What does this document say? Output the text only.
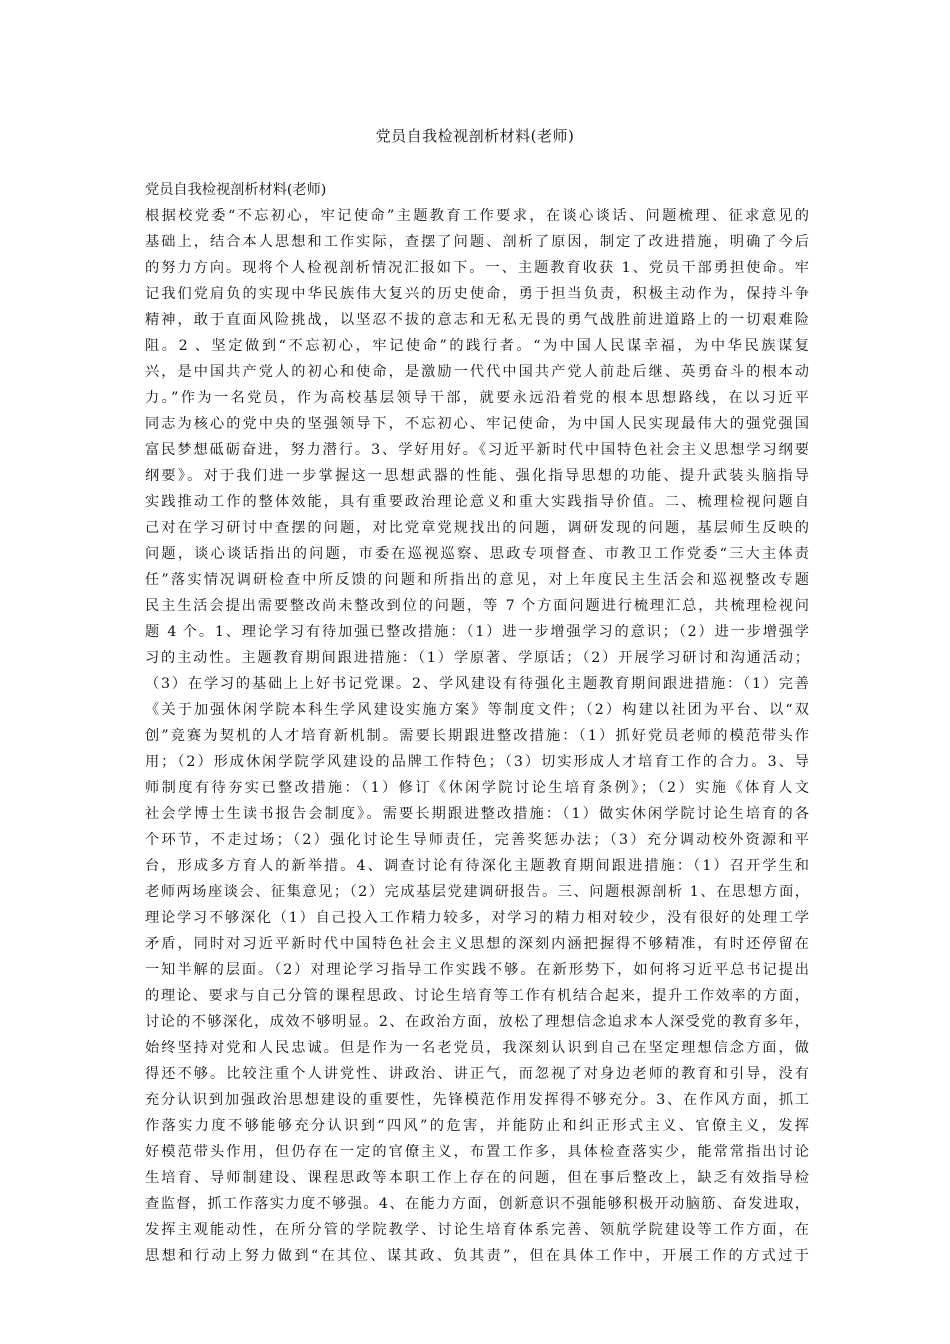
党员自我检视剖析材料(老师)
党员自我检视剖析材料(老师)
根据校党委“不忘初心，牢记使命”主题教育工作要求，在谈心谈话、问题梳理、征求意见的
基础上，结合本人思想和工作实际，查摆了问题、剖析了原因，制定了改进措施，明确了今后
的努力方向。现将个人检视剖析情况汇报如下。一、主题教育收获 1、党员干部勇担使命。牢
记我们党肩负的实现中华民族伟大复兴的历史使命，勇于担当负责，积极主动作为，保持斗争
精神，敢于直面风险挑战，以坚忍不拔的意志和无私无畏的勇气战胜前进道路上的一切艰难险
阻。2 、坚定做到“不忘初心，牢记使命”的践行者。“为中国人民谋幸福，为中华民族谋复
兴，是中国共产党人的初心和使命，是激励一代代中国共产党人前赴后继、英勇奋斗的根本动
力。”作为一名党员，作为高校基层领导干部，就要永远沿着党的根本思想路线，在以习近平
同志为核心的党中央的坚强领导下，不忘初心、牢记使命，为中国人民实现最伟大的强党强国
富民梦想砥砺奋进，努力潜行。3、学好用好。《习近平新时代中国特色社会主义思想学习纲要
纲要》。对于我们进一步掌握这一思想武器的性能、强化指导思想的功能、提升武装头脑指导
实践推动工作的整体效能，具有重要政治理论意义和重大实践指导价值。二、梳理检视问题自
己对在学习研讨中查摆的问题，对比党章党规找出的问题，调研发现的问题，基层师生反映的
问题，谈心谈话指出的问题，市委在巡视巡察、思政专项督查、市教卫工作党委“三大主体责
任”落实情况调研检查中所反馈的问题和所指出的意见，对上年度民主生活会和巡视整改专题
民主生活会提出需要整改尚未整改到位的问题，等 7 个方面问题进行梳理汇总，共梳理检视问
题 4 个。1、理论学习有待加强已整改措施：（1）进一步增强学习的意识；（2）进一步增强学
习的主动性。主题教育期间跟进措施：（1）学原著、学原话；（2）开展学习研讨和沟通活动；
（3）在学习的基础上上好书记党课。2、学风建设有待强化主题教育期间跟进措施：（1）完善
《关于加强休闲学院本科生学风建设实施方案》等制度文件；（2）构建以社团为平台、以“双
创”竞赛为契机的人才培育新机制。需要长期跟进整改措施：（1）抓好党员老师的模范带头作
用；（2）形成休闲学院学风建设的品牌工作特色；（3）切实形成人才培育工作的合力。3、导
师制度有待夯实已整改措施：（1）修订《休闲学院讨论生培育条例》；（2）实施《体育人文
社会学博士生读书报告会制度》。需要长期跟进整改措施：（1）做实休闲学院讨论生培育的各
个环节，不走过场；（2）强化讨论生导师责任，完善奖惩办法；（3）充分调动校外资源和平
台，形成多方育人的新举措。4、调查讨论有待深化主题教育期间跟进措施：（1）召开学生和
老师两场座谈会、征集意见；（2）完成基层党建调研报告。三、问题根源剖析 1、在思想方面，
理论学习不够深化（1）自己投入工作精力较多，对学习的精力相对较少，没有很好的处理工学
矛盾，同时对习近平新时代中国特色社会主义思想的深刻内涵把握得不够精准，有时还停留在
一知半解的层面。（2）对理论学习指导工作实践不够。在新形势下，如何将习近平总书记提出
的理论、要求与自己分管的课程思政、讨论生培育等工作有机结合起来，提升工作效率的方面，
讨论的不够深化，成效不够明显。2、在政治方面，放松了理想信念追求本人深受党的教育多年，
始终坚持对党和人民忠诚。但是作为一名老党员，我深刻认识到自己在坚定理想信念方面，做
得还不够。比较注重个人讲党性、讲政治、讲正气，而忽视了对身边老师的教育和引导，没有
充分认识到加强政治思想建设的重要性，先锋模范作用发挥得不够充分。3、在作风方面，抓工
作落实力度不够能够充分认识到“四风”的危害，并能防止和纠正形式主义、官僚主义，发挥
好模范带头作用，但仍存在一定的官僚主义，布置工作多，具体检查落实少，能常常指出讨论
生培育、导师制建设、课程思政等本职工作上存在的问题，但在事后整改上，缺乏有效指导检
查监督，抓工作落实力度不够强。4、在能力方面，创新意识不强能够积极开动脑筋、奋发进取，
发挥主观能动性，在所分管的学院教学、讨论生培育体系完善、领航学院建设等工作方面，在
思想和行动上努力做到“在其位、谋其政、负其责”，但在具体工作中，开展工作的方式过于
